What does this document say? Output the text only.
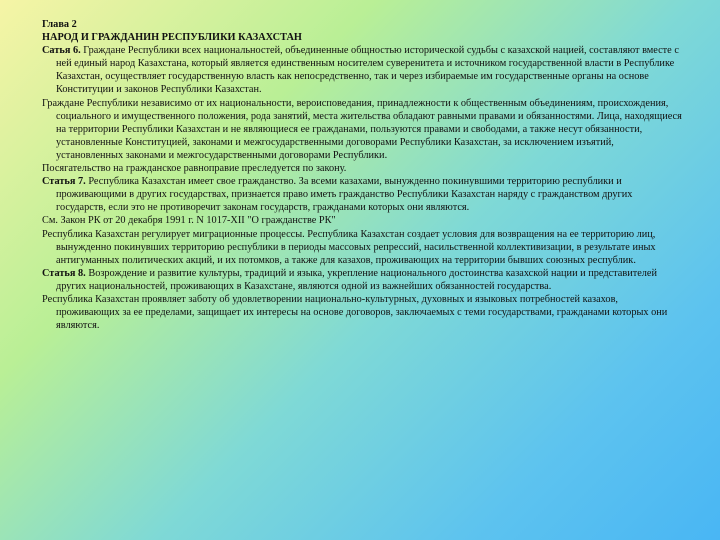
Глава 2

НАРОД И ГРАЖДАНИН РЕСПУБЛИКИ КАЗАХСТАН

Сатья 6. Граждане Республики всех национальностей, объединенные общностью исторической судьбы с казахской нацией, составляют вместе с ней единый народ Казахстана, который является единственным носителем суверенитета и источником государственной власти в Республике Казахстан, осуществляет государственную власть как непосредственно, так и через избираемые им государственные органы на основе Конституции и законов Республики Казахстан.

Граждане Республики независимо от их национальности, вероисповедания, принадлежности к общественным объединениям, происхождения, социального и имущественного положения, рода занятий, места жительства обладают равными правами и обязанностями. Лица, находящиеся на территории Республики Казахстан и не являющиеся ее гражданами, пользуются правами и свободами, а также несут обязанности, установленные Конституцией, законами и межгосударственными договорами Республики Казахстан, за исключением изъятий, установленных законами и межгосударственными договорами Республики.

Посягательство на гражданское равноправие преследуется по закону.

Статья 7. Республика Казахстан имеет свое гражданство. За всеми казахами, вынужденно покинувшими территорию республики и проживающими в других государствах, признается право иметь гражданство Республики Казахстан наряду с гражданством других государств, если это не противоречит законам государств, гражданами которых они являются.

См. Закон РК от 20 декабря 1991 г. N 1017-XII "О гражданстве РК"

Республика Казахстан регулирует миграционные процессы. Республика Казахстан создает условия для возвращения на ее территорию лиц, вынужденно покинувших территорию республики в периоды массовых репрессий, насильственной коллективизации, в результате иных антигуманных политических акций, и их потомков, а также для казахов, проживающих на территории бывших союзных республик.

Статья 8. Возрождение и развитие культуры, традиций и языка, укрепление национального достоинства казахской нации и представителей других национальностей, проживающих в Казахстане, являются одной из важнейших обязанностей государства.

Республика Казахстан проявляет заботу об удовлетворении национально-культурных, духовных и языковых потребностей казахов, проживающих за ее пределами, защищает их интересы на основе договоров, заключаемых с теми государствами, гражданами которых они являются.
